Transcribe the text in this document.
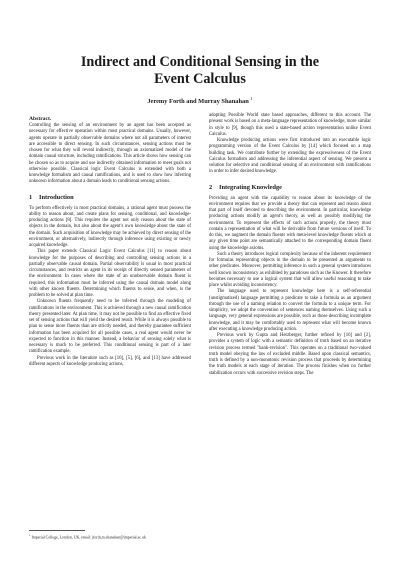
Indirect and Conditional Sensing in the
Event Calculus
Jeremy Forth and Murray Shanahan $^1$
Abstract.

Controlling the sensing of an environment by an agent has been accepted as necessary for effective operation within most practical domains. Usually, however, agents operate in partially observable domains where not all parameters of interest are accessible to direct sensing. In such circumstances, sensing actions must be chosen for what they will reveal indirectly, through an axiomatized model of the domain causal structure, including ramifications. This article shows how sensing can be chosen so as to acquire and use indirectly obtained information to meet goals not otherwise possible. Classical logic Event Calculus is extended with both a knowledge formalism and causal ramifications, and is used to show how inferring unknown information about a domain leads to conditional sensing actions.

1 Introduction

To perform effectively in most practical domains, a rational agent must possess the ability to reason about, and create plans for sensing, conditional, and knowledge-producing actions [8]. This requires the agent not only reason about the state of objects in the domain, but also about the agent's own knowledge about the state of the domain. Such acquisition of knowledge may be achieved by direct sensing of the environment, or alternatively, indirectly through inference using existing or newly acquired knowledge.

This paper extends Classical Logic Event Calculus [11] to reason about knowledge for the purposes of describing and controlling sensing actions in a partially observable causal domain. Partial observability is usual in most practical circumstances, and restricts an agent in its receipt of directly sensed parameters of the environment. In cases where the state of an unobservable domain fluent is required, this information must be inferred using the causal domain model along with other known fluents. Determining which fluents to sense, and when, is the problem to be solved at plan time.

Unknown fluents frequently need to be inferred through the modeling of ramifications in the environment. This is achieved through a new causal ramification theory presented later. At plan time, it may not be possible to find an effective fixed set of sensing actions that will yield the desired result. While it is always possible to plan to sense more fluents than are strictly needed, and thereby guarantee sufficient information has been acquired for all possible cases, a real agent would never be expected to function in this manner. Instead, a behavior of sensing solely what is necessary is much to be preferred. This conditional sensing is part of a later ramification example.

Previous work in the literature such as [10], [5], [6], and [13] have addressed different aspects of knowledge producing actions,

adopting Possible World state based approaches, different to this account. The present work is based on a meta-language representation of knowledge, more similar in style to [9], though this used a state-based action representation unlike Event Calculus.

Knowledge producing actions were first introduced into an executable logic programming version of the Event Calculus by [14] which focused on a map building task. We contribute further by extending the expressiveness of the Event Calculus formalism and addressing the inferential aspect of sensing. We present a solution for selective and conditional sensing of an environment with ramifications in order to infer desired knowledge.

2 Integrating Knowledge

Providing an agent with the capability to reason about its knowledge of the environment requires that we provide a theory that can represent and reason about that part of itself devoted to describing the environment. In particular, knowledge producing actions modify an agent's theory, as well as possibly modifying the environment. To represent the effects of such actions properly, the theory must contain a representation of what will be derivable from future versions of itself. To do this, we augment the domain fluents with meta-level knowledge fluents which at any given time point are semantically attached to the corresponding domain fluent using the knowledge axioms.

Such a theory introduces logical complexity because of the inherent requirement for formulas representing objects in the domain to be presented as arguments to other predicates. Moreover, permitting inference in such a general system introduces well known inconsistency as exhibited by paradoxes such as the Knower. It therefore becomes necessary to use a logical system that will allow useful reasoning to take place whilst avoiding inconsistency.

The language used to represent knowledge here is a self-referential (unstigmatized) language permitting a predicate to take a formula as an argument through the use of a naming relation to convert the formula to a unique term. For simplicity, we adopt the convention of sentences naming themselves. Using such a language, very general expressions are possible, such as those describing incomplete knowledge, and it may be comfortably used to represent what will become known after executing a knowledge producing action.

Previous work by Gupta and Herzberger, further refined by [16] and [2], provides a system of logic with a semantic definition of truth based on an iterative revision process termed "bank-revision". This operates on a traditional two-valued truth model obeying the law of excluded middle. Based upon classical semantics, truth is defined by a non-monotonic revision process that proceeds by determining the truth models at each stage of iteration. The process finishes when no further stabilization occurs with successive revision steps. The

$^1$ Imperial College, London, UK, email: jforth,m.shanahan@imperial.ac.uk
